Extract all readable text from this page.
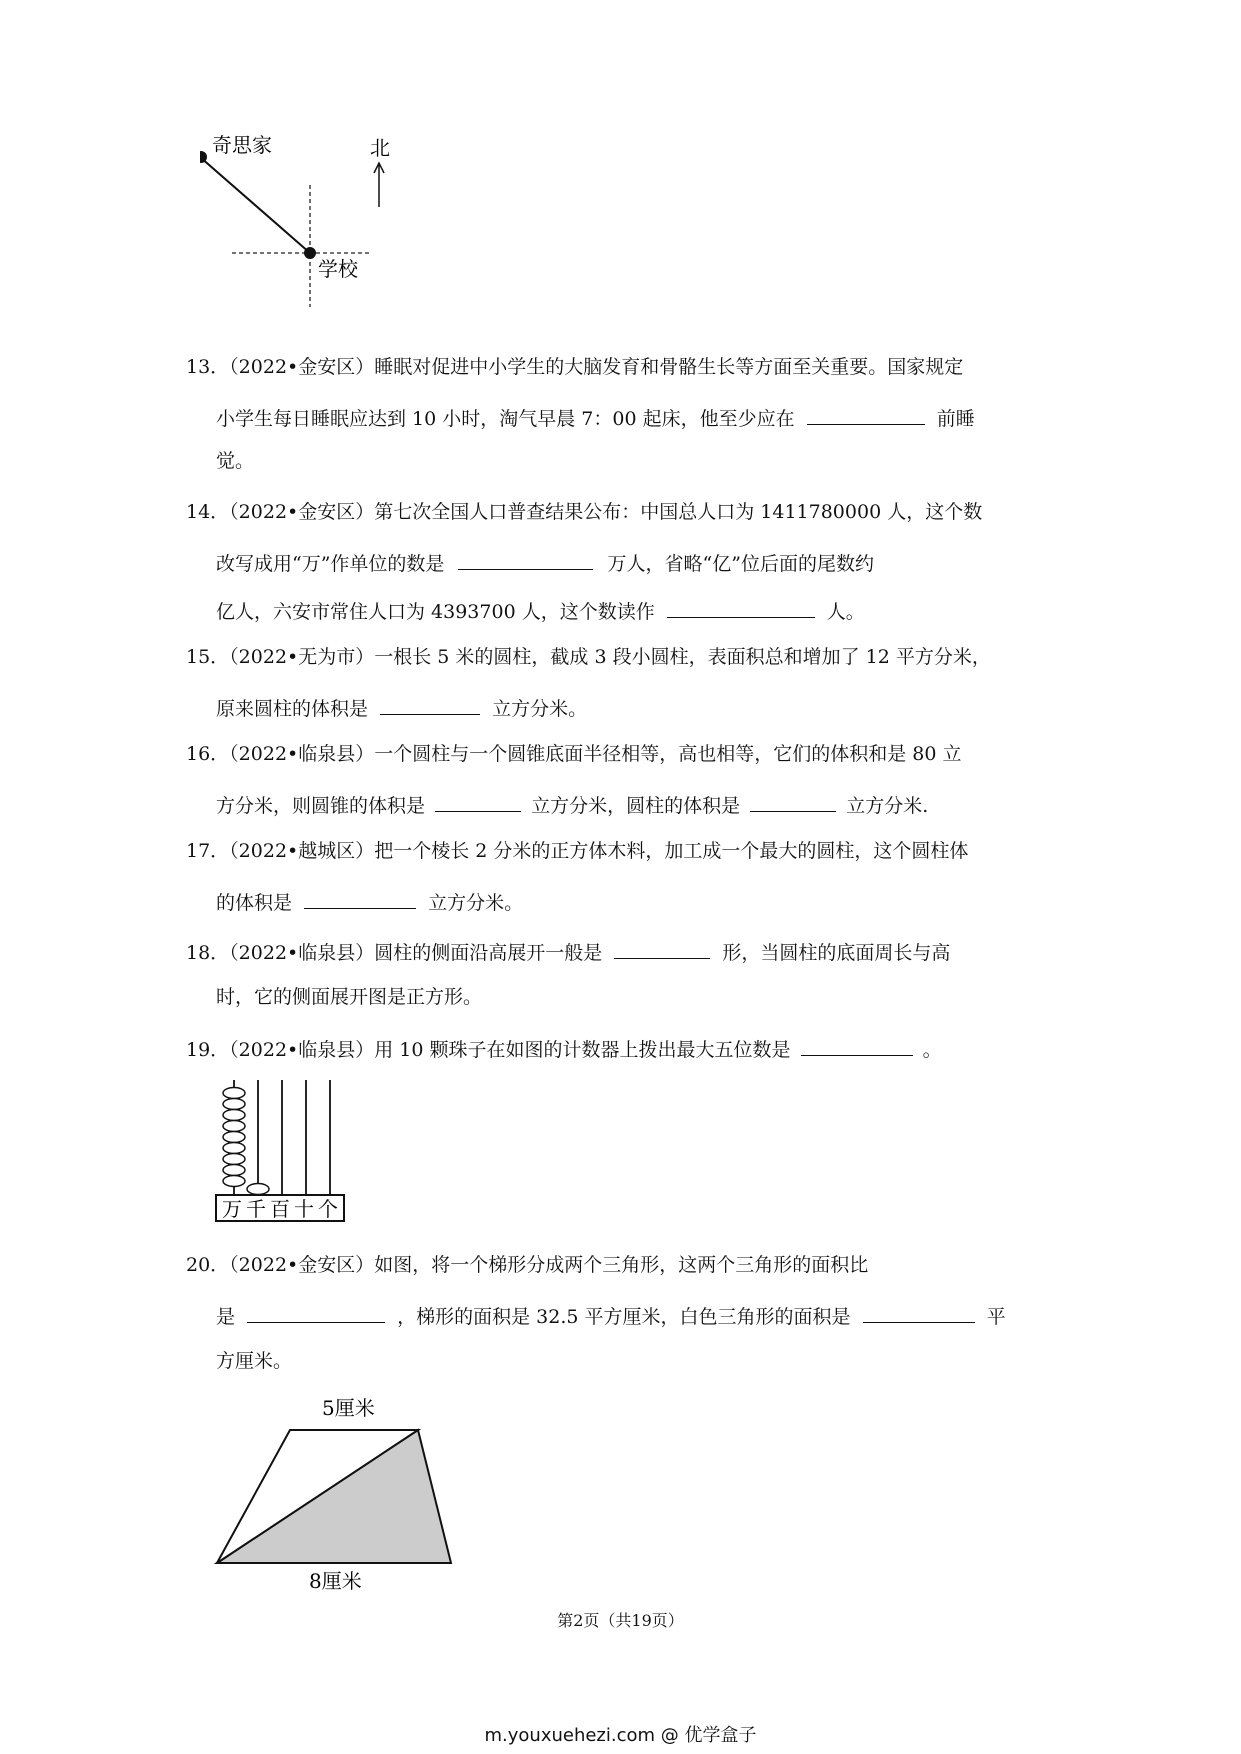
奇思家
学校
北
13．（2022•金安区）睡眠对促进中小学生的大脑发育和骨骼生长等方面至关重要。国家规定
小学生每日睡眠应达到 10 小时，淘气早晨 7：00 起床，他至少应在	前睡
觉。
14．（2022•金安区）第七次全国人口普查结果公布：中国总人口为 1411780000 人，这个数
改写成用“万”作单位的数是	万人，省略“亿”位后面的尾数约
亿人，六安市常住人口为 4393700 人，这个数读作	人。
15．（2022•无为市）一根长 5 米的圆柱，截成 3 段小圆柱，表面积总和增加了 12 平方分米，
原来圆柱的体积是	立方分米。
16．（2022•临泉县）一个圆柱与一个圆锥底面半径相等，高也相等，它们的体积和是 80 立
方分米，则圆锥的体积是	立方分米，圆柱的体积是	立方分米.
17．（2022•越城区）把一个棱长 2 分米的正方体木料，加工成一个最大的圆柱，这个圆柱体
的体积是	立方分米。
18．（2022•临泉县）圆柱的侧面沿高展开一般是	形，当圆柱的底面周长与高
时，它的侧面展开图是正方形。
19．（2022•临泉县）用 10 颗珠子在如图的计数器上拨出最大五位数是	。
万 千 百 十 个
20．（2022•金安区）如图，将一个梯形分成两个三角形，这两个三角形的面积比
是	，梯形的面积是 32.5 平方厘米，白色三角形的面积是	平
方厘米。
5厘米
8厘米
第2页（共19页）
m.youxuehezi.com @ 优学盒子
